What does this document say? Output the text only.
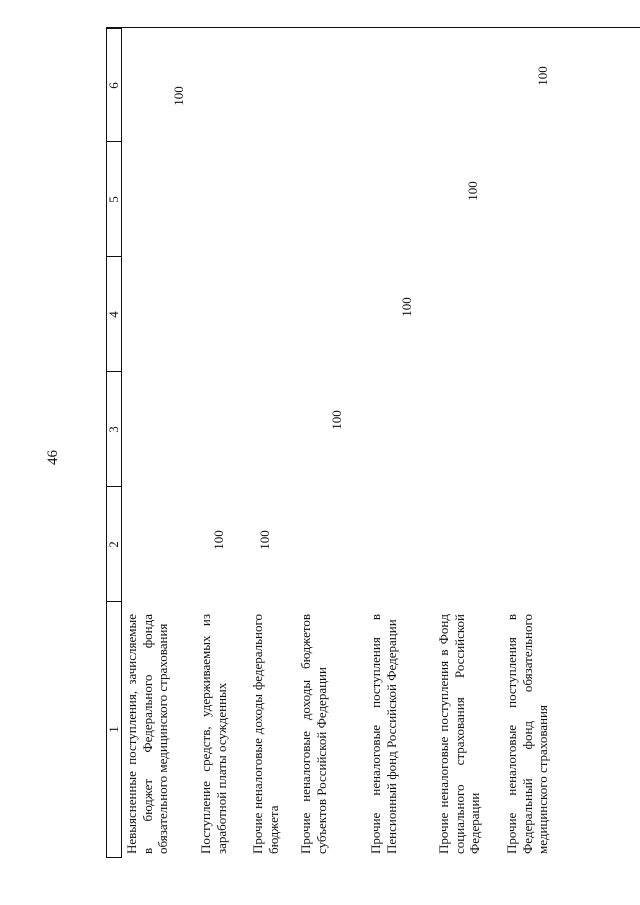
46
1
2
3
4
5
6
Невыясненные поступления, зачисляемые в бюджет Федерального фонда обязательного медицинского страхования
100
Поступление средств, удерживаемых из заработной платы осужденных
100
Прочие неналоговые доходы федерального бюджета
100
Прочие неналоговые доходы бюджетов субъектов Российской Федерации
100
Прочие неналоговые поступления в Пенсионный фонд Российской Федерации
100
Прочие неналоговые поступления в Фонд социального страхования Российской Федерации
100
Прочие неналоговые поступления в Федеральный фонд обязательного медицинского страхования
100
